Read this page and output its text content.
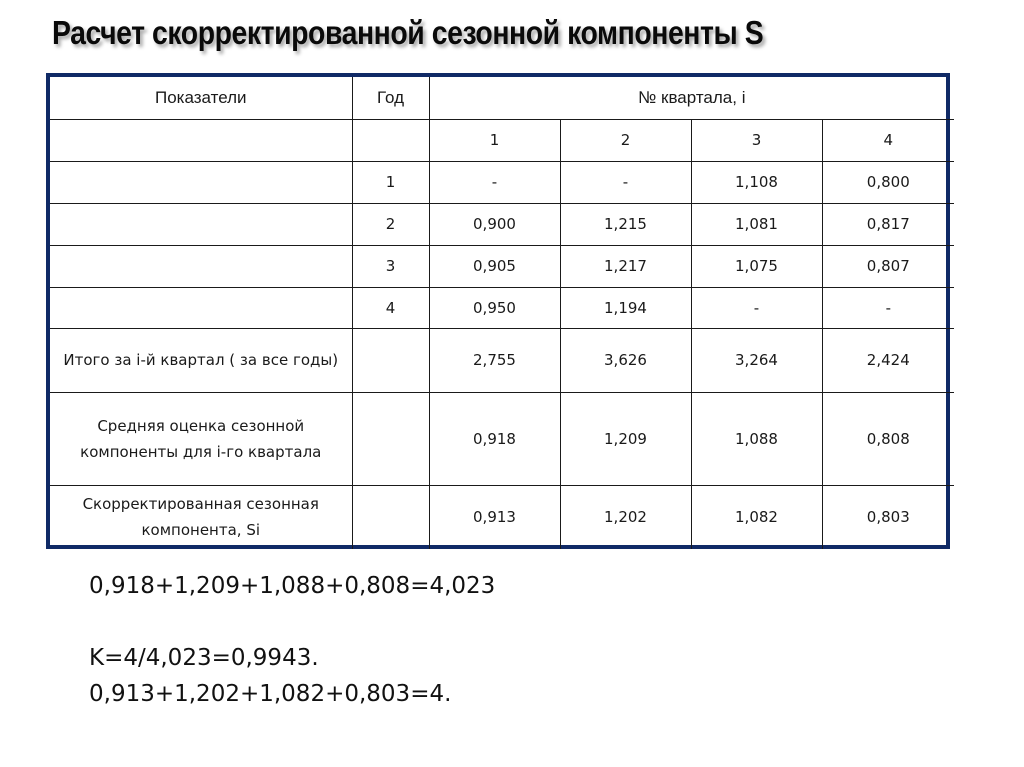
Расчет скорректированной сезонной компоненты S
Показатели	Год	№ квартала, i			
		1	2	3	4
	1	-	-	1,108	0,800
	2	0,900	1,215	1,081	0,817
	3	0,905	1,217	1,075	0,807
	4	0,950	1,194	-	-
Итого за i-й квартал ( за все годы)		2,755	3,626	3,264	2,424
Средняя оценка сезонной компоненты для i-го квартала		0,918	1,209	1,088	0,808
Скорректированная сезонная компонента, Si		0,913	1,202	1,082	0,803
0,918+1,209+1,088+0,808=4,023
K=4/4,023=0,9943.
0,913+1,202+1,082+0,803=4.
